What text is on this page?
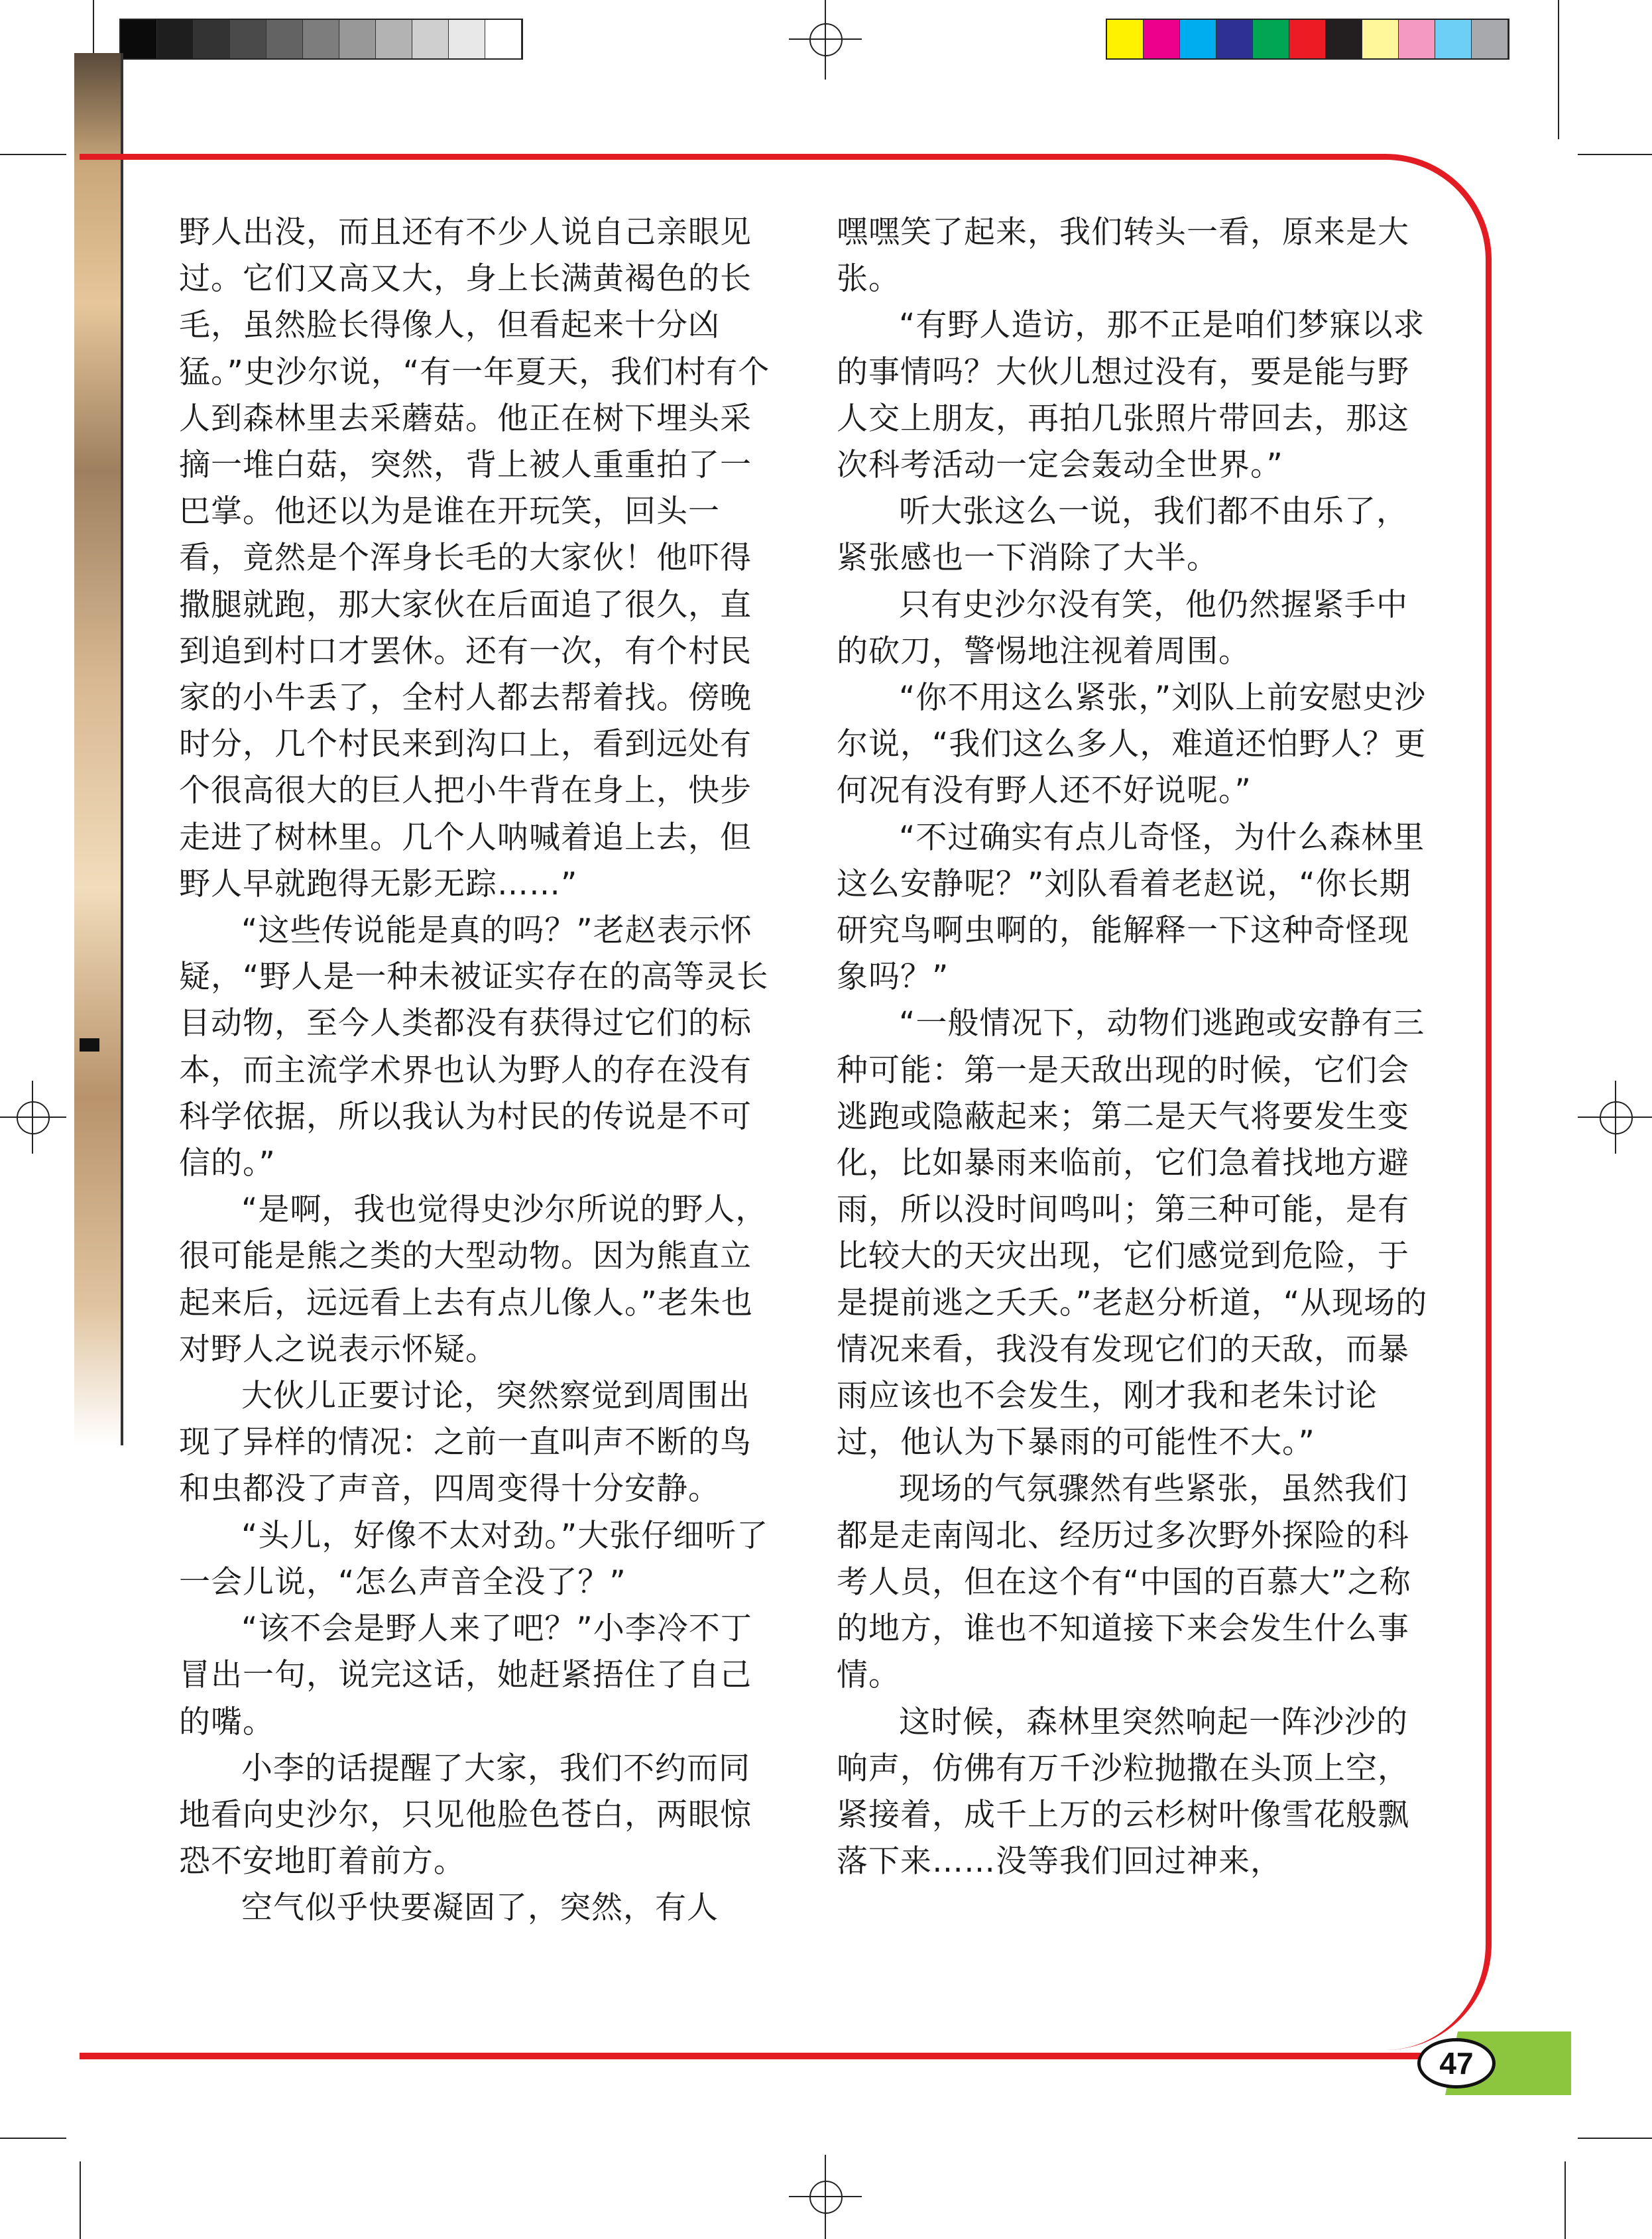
野人出没，而且还有不少人说自己亲眼见过。它们又高又大，身上长满黄褐色的长毛，虽然脸长得像人，但看起来十分凶猛。”史沙尔说，“有一年夏天，我们村有个人到森林里去采蘑菇。他正在树下埋头采摘一堆白菇，突然，背上被人重重拍了一巴掌。他还以为是谁在开玩笑，回头一看，竟然是个浑身长毛的大家伙！他吓得撒腿就跑，那大家伙在后面追了很久，直到追到村口才罢休。还有一次，有个村民家的小牛丢了，全村人都去帮着找。傍晚时分，几个村民来到沟口上，看到远处有个很高很大的巨人把小牛背在身上，快步走进了树林里。几个人呐喊着追上去，但野人早就跑得无影无踪……”

“这些传说能是真的吗？”老赵表示怀疑，“野人是一种未被证实存在的高等灵长目动物，至今人类都没有获得过它们的标本，而主流学术界也认为野人的存在没有科学依据，所以我认为村民的传说是不可信的。”

“是啊，我也觉得史沙尔所说的野人，很可能是熊之类的大型动物。因为熊直立起来后，远远看上去有点儿像人。”老朱也对野人之说表示怀疑。

大伙儿正要讨论，突然察觉到周围出现了异样的情况：之前一直叫声不断的鸟和虫都没了声音，四周变得十分安静。

“头儿，好像不太对劲。”大张仔细听了一会儿说，“怎么声音全没了？”

“该不会是野人来了吧？”小李冷不丁冒出一句，说完这话，她赶紧捂住了自己的嘴。

小李的话提醒了大家，我们不约而同地看向史沙尔，只见他脸色苍白，两眼惊恐不安地盯着前方。

空气似乎快要凝固了，突然，有人

嘿嘿笑了起来，我们转头一看，原来是大张。

“有野人造访，那不正是咱们梦寐以求的事情吗？大伙儿想过没有，要是能与野人交上朋友，再拍几张照片带回去，那这次科考活动一定会轰动全世界。”

听大张这么一说，我们都不由乐了，紧张感也一下消除了大半。

只有史沙尔没有笑，他仍然握紧手中的砍刀，警惕地注视着周围。

“你不用这么紧张，”刘队上前安慰史沙尔说，“我们这么多人，难道还怕野人？更何况有没有野人还不好说呢。”

“不过确实有点儿奇怪，为什么森林里这么安静呢？”刘队看着老赵说，“你长期研究鸟啊虫啊的，能解释一下这种奇怪现象吗？”

“一般情况下，动物们逃跑或安静有三种可能：第一是天敌出现的时候，它们会逃跑或隐蔽起来；第二是天气将要发生变化，比如暴雨来临前，它们急着找地方避雨，所以没时间鸣叫；第三种可能，是有比较大的天灾出现，它们感觉到危险，于是提前逃之夭夭。”老赵分析道，“从现场的情况来看，我没有发现它们的天敌，而暴雨应该也不会发生，刚才我和老朱讨论过，他认为下暴雨的可能性不大。”

现场的气氛骤然有些紧张，虽然我们都是走南闯北、经历过多次野外探险的科考人员，但在这个有“中国的百慕大”之称的地方，谁也不知道接下来会发生什么事情。

这时候，森林里突然响起一阵沙沙的响声，仿佛有万千沙粒抛撒在头顶上空，紧接着，成千上万的云杉树叶像雪花般飘落下来……没等我们回过神来，

47
